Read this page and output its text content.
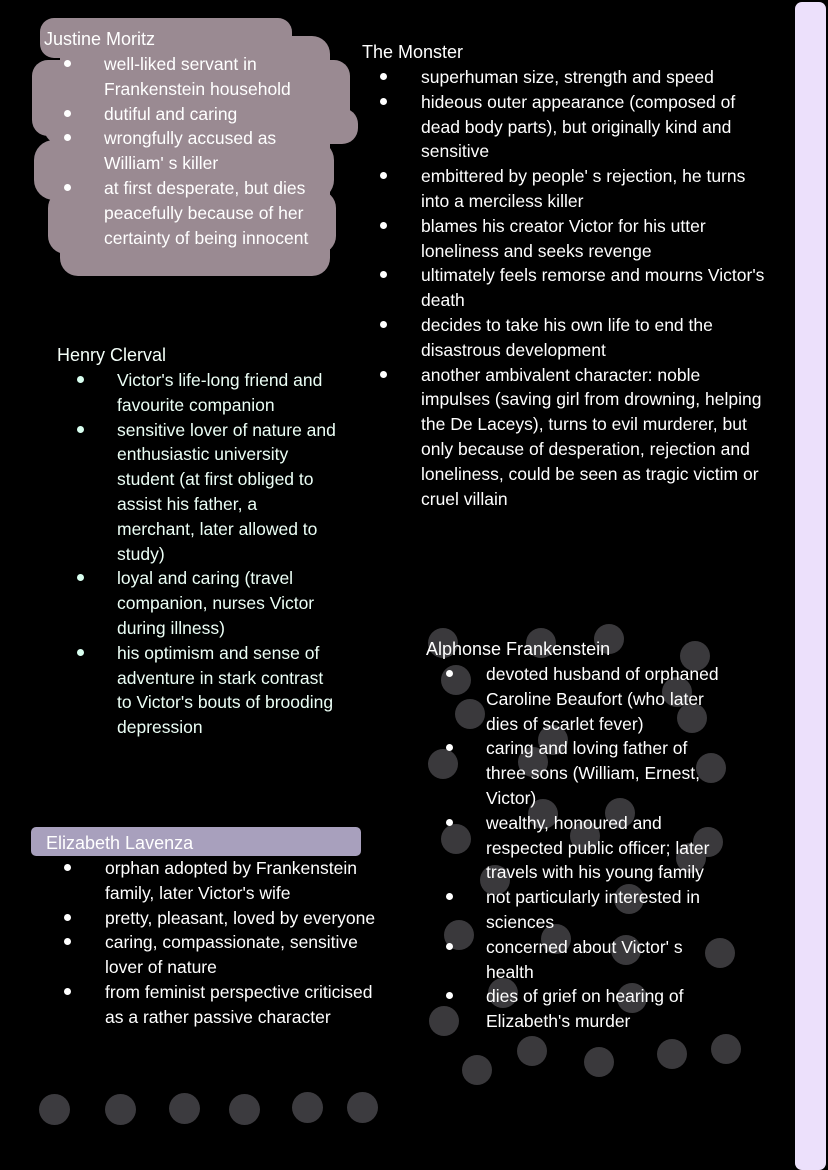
Justine Moritz
well-liked servant in Frankenstein household
dutiful and caring
wrongfully accused as William' s killer
at first desperate, but dies peacefully because of her certainty of being innocent
The Monster
superhuman size, strength and speed
hideous outer appearance (composed of dead body parts), but originally kind and sensitive
embittered by people' s rejection, he turns into a merciless killer
blames his creator Victor for his utter loneliness and seeks revenge
ultimately feels remorse and mourns Victor's death
decides to take his own life to end the disastrous development
another ambivalent character: noble impulses (saving girl from drowning, helping the De Laceys), turns to evil murderer, but only because of desperation, rejection and loneliness, could be seen as tragic victim or cruel villain
Henry Clerval
Victor's life-long friend and favourite companion
sensitive lover of nature and enthusiastic university student (at first obliged to assist his father, a merchant, later allowed to study)
loyal and caring (travel companion, nurses Victor during illness)
his optimism and sense of adventure in stark contrast to Victor's bouts of brooding depression
Alphonse Frankenstein
devoted husband of orphaned Caroline Beaufort (who later dies of scarlet fever)
caring and loving father of three sons (William, Ernest, Victor)
wealthy, honoured and respected public officer; later travels with his young family
not particularly interested in sciences
concerned about Victor' s health
dies of grief on hearing of Elizabeth's murder
Elizabeth Lavenza
orphan adopted by Frankenstein family, later Victor's wife
pretty, pleasant, loved by everyone
caring, compassionate, sensitive lover of nature
from feminist perspective criticised as a rather passive character
